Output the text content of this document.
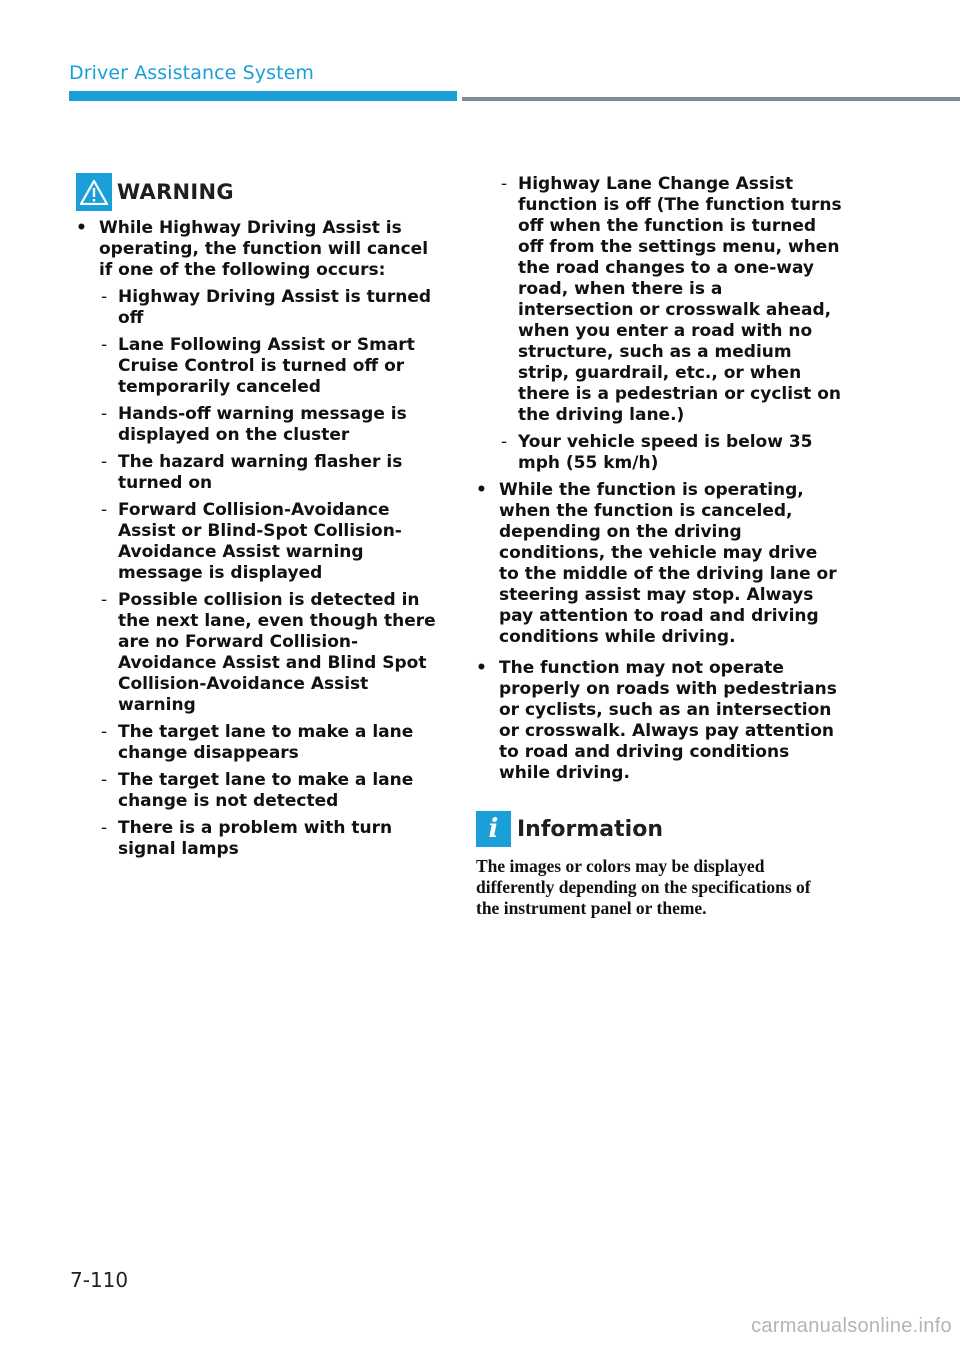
Driver Assistance System
WARNING
• While Highway Driving Assist is operating, the function will cancel if one of the following occurs:
- Highway Driving Assist is turned off
- Lane Following Assist or Smart Cruise Control is turned off or temporarily canceled
- Hands-off warning message is displayed on the cluster
- The hazard warning flasher is turned on
- Forward Collision-Avoidance Assist or Blind-Spot Collision-Avoidance Assist warning message is displayed
- Possible collision is detected in the next lane, even though there are no Forward Collision-Avoidance Assist and Blind Spot Collision-Avoidance Assist warning
- The target lane to make a lane change disappears
- The target lane to make a lane change is not detected
- There is a problem with turn signal lamps
- Highway Lane Change Assist function is off (The function turns off when the function is turned off from the settings menu, when the road changes to a one-way road, when there is a intersection or crosswalk ahead, when you enter a road with no structure, such as a medium strip, guardrail, etc., or when there is a pedestrian or cyclist on the driving lane.)
- Your vehicle speed is below 35 mph (55 km/h)
• While the function is operating, when the function is canceled, depending on the driving conditions, the vehicle may drive to the middle of the driving lane or steering assist may stop. Always pay attention to road and driving conditions while driving.
• The function may not operate properly on roads with pedestrians or cyclists, such as an intersection or crosswalk. Always pay attention to road and driving conditions while driving.
i Information
The images or colors may be displayed differently depending on the specifications of the instrument panel or theme.
7-110
carmanualsonline.info
